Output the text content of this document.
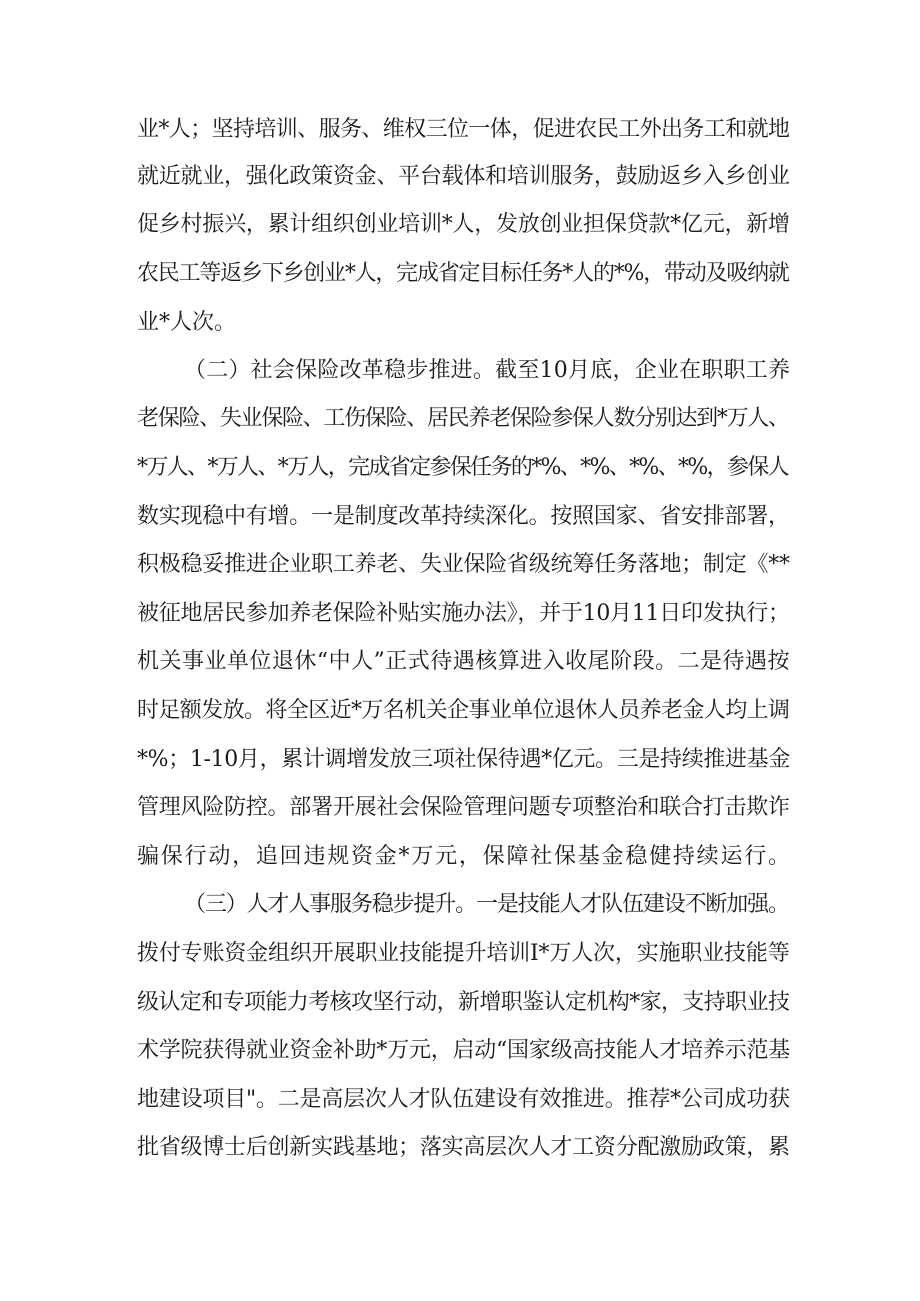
业*人；坚持培训、服务、维权三位一体，促进农民工外出务工和就地

就近就业，强化政策资金、平台载体和培训服务，鼓励返乡入乡创业

促乡村振兴，累计组织创业培训*人，发放创业担保贷款*亿元，新增

农民工等返乡下乡创业*人，完成省定目标任务*人的*%，带动及吸纳就

业*人次。

（二）社会保险改革稳步推进。截至10月底，企业在职职工养

老保险、失业保险、工伤保险、居民养老保险参保人数分别达到*万人、

*万人、*万人、*万人，完成省定参保任务的*%、*%、*%、*%，参保人

数实现稳中有增。一是制度改革持续深化。按照国家、省安排部署，

积极稳妥推进企业职工养老、失业保险省级统筹任务落地；制定《**

被征地居民参加养老保险补贴实施办法》，并于10月11日印发执行；

机关事业单位退休“中人”正式待遇核算进入收尾阶段。二是待遇按

时足额发放。将全区近*万名机关企事业单位退休人员养老金人均上调

*%；1-10月，累计调增发放三项社保待遇*亿元。三是持续推进基金

管理风险防控。部署开展社会保险管理问题专项整治和联合打击欺诈

骗保行动，追回违规资金*万元，保障社保基金稳健持续运行。

（三）人才人事服务稳步提升。一是技能人才队伍建设不断加强。

拨付专账资金组织开展职业技能提升培训I*万人次，实施职业技能等

级认定和专项能力考核攻坚行动，新增职鉴认定机构*家，支持职业技

术学院获得就业资金补助*万元，启动“国家级高技能人才培养示范基

地建设项目"。二是高层次人才队伍建设有效推进。推荐*公司成功获

批省级博士后创新实践基地；落实高层次人才工资分配激励政策，累
